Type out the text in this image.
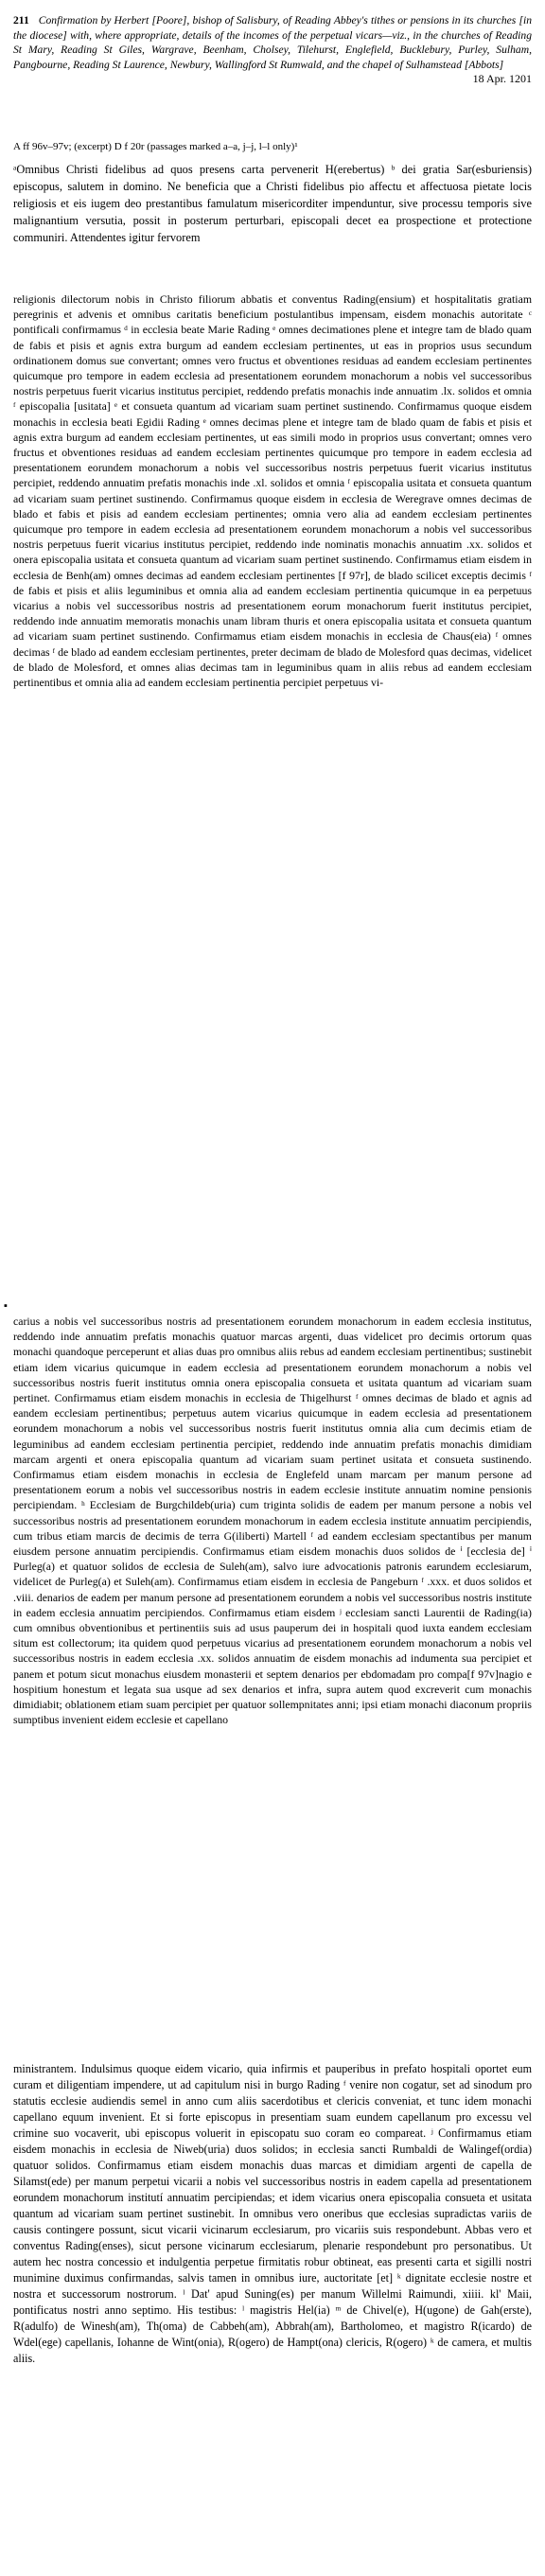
211 Confirmation by Herbert [Poore], bishop of Salisbury, of Reading Abbey's tithes or pensions in its churches [in the diocese] with, where appropriate, details of the incomes of the perpetual vicars—viz., in the churches of Reading St Mary, Reading St Giles, Wargrave, Beenham, Cholsey, Tilehurst, Englefield, Bucklebury, Purley, Sulham, Pangbourne, Reading St Laurence, Newbury, Wallingford St Rumwald, and the chapel of Sulhamstead [Abbots]
18 Apr. 1201
A ff 96v–97v; (excerpt) D f 20r (passages marked a–a, j–j, l–l only)¹

ᵃOmnibus Christi fidelibus ad quos presens carta pervenerit H(erebertus) ᵇ dei gratia Sar(esburiensis) episcopus, salutem in domino. Ne beneficia que a Christi fidelibus pio affectu et affectuosa pietate locis religiosis et eis iugem deo prestantibus famulatum misericorditer impenduntur, sive processu temporis sive malignantium versutia, possit in posterum perturbari, episcopali decet ea prospectione et protectione communiri. Attendentes igitur fervorem

religionis dilectorum nobis in Christo filiorum abbatis et conventus Rading(ensium) et hospitalitatis gratiam peregrinis et advenis et omnibus caritatis beneficium postulantibus impensam, eisdem monachis autoritate ᶜ pontificali confirmamus ᵈ in ecclesia beate Marie Rading ᵉ omnes decimationes plene et integre tam de blado quam de fabis et pisis et agnis extra burgum ad eandem ecclesiam pertinentes, ut eas in proprios usus secundum ordinationem domus sue convertant; omnes vero fructus et obventiones residuas ad eandem ecclesiam pertinentes quicumque pro tempore in eadem ecclesia ad presentationem eorundem monachorum a nobis vel successoribus nostris perpetuus fuerit vicarius institutus percipiet, reddendo prefatis monachis inde annuatim .lx. solidos et omnia ᶠ episcopalia [usitata] ᵉ et consueta quantum ad vicariam suam pertinet sustinendo. Confirmamus quoque eisdem monachis in ecclesia beati Egidii Rading ᵉ omnes decimas plene et integre tam de blado quam de fabis et pisis et agnis extra burgum ad eandem ecclesiam pertinentes, ut eas simili modo in proprios usus convertant; omnes vero fructus et obventiones residuas ad eandem ecclesiam pertinentes quicumque pro tempore in eadem ecclesia ad presentationem eorundem monachorum a nobis vel successoribus nostris perpetuus fuerit vicarius institutus percipiet, reddendo annuatim prefatis monachis inde .xl. solidos et omnia ᶠ episcopalia usitata et consueta quantum ad vicariam suam pertinet sustinendo. Confirmamus quoque eisdem in ecclesia de Weregrave omnes decimas de blado et fabis et pisis ad eandem ecclesiam pertinentes; omnia vero alia ad eandem ecclesiam pertinentes quicumque pro tempore in eadem ecclesia ad presentationem eorundem monachorum a nobis vel successoribus nostris perpetuus fuerit vicarius institutus percipiet, reddendo inde nominatis monachis annuatim .xx. solidos et onera episcopalia usitata et consueta quantum ad vicariam suam pertinet sustinendo. Confirmamus etiam eisdem in ecclesia de Benh(am) omnes decimas ad eandem ecclesiam pertinentes [f 97r], de blado scilicet exceptis decimis ᶠ de fabis et pisis et aliis leguminibus et omnia alia ad eandem ecclesiam pertinentia quicumque in ea perpetuus vicarius a nobis vel successoribus nostris ad presentationem eorum monachorum fuerit institutus percipiet, reddendo inde annuatim memoratis monachis unam libram thuris et onera episcopalia usitata et consueta quantum ad vicariam suam pertinet sustinendo. Confirmamus etiam eisdem monachis in ecclesia de Chaus(eia) ᶠ omnes decimas ᶠ de blado ad eandem ecclesiam pertinentes, preter decimam de blado de Molesford quas decimas, videlicet de blado de Molesford, et omnes alias decimas tam in leguminibus quam in aliis rebus ad eandem ecclesiam pertinentibus et omnia alia ad eandem ecclesiam pertinentia percipiet perpetuus vi-

▪

carius a nobis vel successoribus nostris ad presentationem eorundem monachorum in eadem ecclesia institutus, reddendo inde annuatim prefatis monachis quatuor marcas argenti, duas videlicet pro decimis ortorum quas monachi quandoque perceperunt et alias duas pro omnibus aliis rebus ad eandem ecclesiam pertinentibus; sustinebit etiam idem vicarius quicumque in eadem ecclesia ad presentationem eorundem monachorum a nobis vel successoribus nostris fuerit institutus omnia onera episcopalia consueta et usitata quantum ad vicariam suam pertinet. Confirmamus etiam eisdem monachis in ecclesia de Thigelhurst ᶠ omnes decimas de blado et agnis ad eandem ecclesiam pertinentibus; perpetuus autem vicarius quicumque in eadem ecclesia ad presentationem eorundem monachorum a nobis vel successoribus nostris fuerit institutus omnia alia cum decimis etiam de leguminibus ad eandem ecclesiam pertinentia percipiet, reddendo inde annuatim prefatis monachis dimidiam marcam argenti et onera episcopalia quantum ad vicariam suam pertinet usitata et consueta sustinendo. Confirmamus etiam eisdem monachis in ecclesia de Englefeld unam marcam per manum persone ad presentationem eorum a nobis vel successoribus nostris in eadem ecclesie institute annuatim nomine pensionis percipiendam. ʰ Ecclesiam de Burgchildeb(uria) cum triginta solidis de eadem per manum persone a nobis vel successoribus nostris ad presentationem eorundem monachorum in eadem ecclesia institute annuatim percipiendis, cum tribus etiam marcis de decimis de terra G(iliberti) Martell ᶠ ad eandem ecclesiam spectantibus per manum eiusdem persone annuatim percipiendis. Confirmamus etiam eisdem monachis duos solidos de ⁱ [ecclesia de] ⁱ Purleg(a) et quatuor solidos de ecclesia de Suleh(am), salvo iure advocationis patronis earundem ecclesiarum, videlicet de Purleg(a) et Suleh(am). Confirmamus etiam eisdem in ecclesia de Pangeburn ᶠ .xxx. et duos solidos et .viii. denarios de eadem per manum persone ad presentationem eorundem a nobis vel successoribus nostris institute in eadem ecclesia annuatim percipiendos. Confirmamus etiam eisdem ʲ ecclesiam sancti Laurentii de Rading(ia) cum omnibus obventionibus et pertinentiis suis ad usus pauperum dei in hospitali quod iuxta eandem ecclesiam situm est collectorum; ita quidem quod perpetuus vicarius ad presentationem eorundem monachorum a nobis vel successoribus nostris in eadem ecclesia .xx. solidos annuatim de eisdem monachis ad indumenta sua percipiet et panem et potum sicut monachus eiusdem monasterii et septem denarios per ebdomadam pro compa[f 97v]nagio e hospitium honestum et legata sua usque ad sex denarios et infra, supra autem quod excreverit cum monachis dimidiabit; oblationem etiam suam percipiet per quatuor sollempnitates anni; ipsi etiam monachi diaconum propriis sumptibus invenient eidem ecclesie et capellano

ministrantem. Indulsimus quoque eidem vicario, quia infirmis et pauperibus in prefato hospitali oportet eum curam et diligentiam impendere, ut ad capitulum nisi in burgo Rading ᶠ venire non cogatur, set ad sinodum pro statutis ecclesie audiendis semel in anno cum aliis sacerdotibus et clericis conveniat, et tunc idem monachi capellano equum invenient. Et si forte episcopus in presentiam suam eundem capellanum pro excessu vel crimine suo vocaverit, ubi episcopus voluerit in episcopatu suo coram eo compareat. ʲ Confirmamus etiam eisdem monachis in ecclesia de Niweb(uria) duos solidos; in ecclesia sancti Rumbaldi de Walingef(ordia) quatuor solidos. Confirmamus etiam eisdem monachis duas marcas et dimidiam argenti de capella de Silamst(ede) per manum perpetui vicarii a nobis vel successoribus nostris in eadem capella ad presentationem eorundem monachorum institutí annuatim percipiendas; et idem vicarius onera episcopalia consueta et usitata quantum ad vicariam suam pertinet sustinebit. In omnibus vero oneribus que ecclesias supradictas variis de causis contingere possunt, sicut vicarii vicinarum ecclesiarum, pro vicariis suis respondebunt. Abbas vero et conventus Rading(enses), sicut persone vicinarum ecclesiarum, plenarie respondebunt pro personatibus. Ut autem hec nostra concessio et indulgentia perpetue firmitatis robur obtineat, eas presenti carta et sigilli nostri munimine duximus confirmandas, salvis tamen in omnibus iure, auctoritate [et] ᵏ dignitate ecclesie nostre et nostra et successorum nostrorum. ˡ Dat' apud Suning(es) per manum Willelmi Raimundi, xiiii. kl' Maii, pontificatus nostri anno septimo. His testibus: ˡ magistris Hel(ia) ᵐ de Chivel(e), H(ugone) de Gah(erste), R(adulfo) de Winesh(am), Th(oma) de Cabbeh(am), Abbrah(am), Bartholomeo, et magistro R(icardo) de Wdel(ege) capellanis, Iohanne de Wint(onia), R(ogero) de Hampt(ona) clericis, R(ogero) ᵏ de camera, et multis aliis.
